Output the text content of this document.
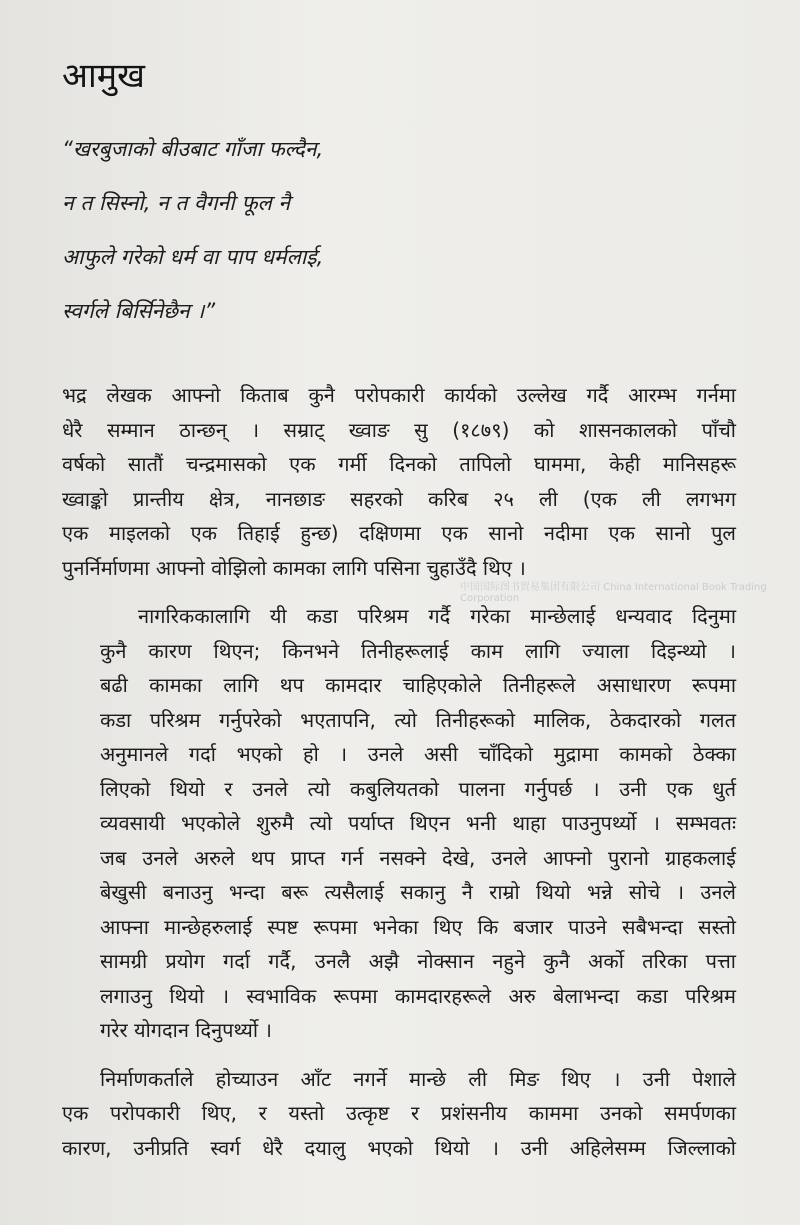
आमुख
“खरबुजाको बीउबाट गाँजा फल्दैन,
न त सिस्नो, न त वैगनी फूल नै
आफुले गरेको धर्म वा पाप धर्मलाई,
स्वर्गले बिर्सिनेछैन ।”
भद्र लेखक आफ्नो किताब कुनै परोपकारी कार्यको उल्लेख गर्दै आरम्भ गर्नमा
धेरै सम्मान ठान्छन् । सम्राट् ख्वाङ सु (१८७९) को शासनकालको पाँचौ
वर्षको सातौं चन्द्रमासको एक गर्मी दिनको तापिलो घाममा, केही मानिसहरू
ख्वाङ्को प्रान्तीय क्षेत्र, नानछाङ सहरको करिब २५ ली (एक ली लगभग
एक माइलको एक तिहाई हुन्छ) दक्षिणमा एक सानो नदीमा एक सानो पुल
पुनर्निर्माणमा आफ्नो वोझिलो कामका लागि पसिना चुहाउँदै थिए ।
नागरिककालागि यी कडा परिश्रम गर्दै गरेका मान्छेलाई धन्यवाद दिनुमा
कुनै कारण थिएन; किनभने तिनीहरूलाई काम लागि ज्याला दिइन्थ्यो ।
बढी कामका लागि थप कामदार चाहिएकोले तिनीहरूले असाधारण रूपमा
कडा परिश्रम गर्नुपरेको भएतापनि, त्यो तिनीहरूको मालिक, ठेकदारको गलत
अनुमानले गर्दा भएको हो । उनले असी चाँदिको मुद्रामा कामको ठेक्का
लिएको थियो र उनले त्यो कबुलियतको पालना गर्नुपर्छ । उनी एक धुर्त
व्यवसायी भएकोले शुरुमै त्यो पर्याप्त थिएन भनी थाहा पाउनुपर्थ्यो । सम्भवतः
जब उनले अरुले थप प्राप्त गर्न नसक्ने देखे, उनले आफ्नो पुरानो ग्राहकलाई
बेखुसी बनाउनु भन्दा बरू त्यसैलाई सकानु नै राम्रो थियो भन्ने सोचे । उनले
आफ्ना मान्छेहरुलाई स्पष्ट रूपमा भनेका थिए कि बजार पाउने सबैभन्दा सस्तो
सामग्री प्रयोग गर्दा गर्दै, उनलै अझै नोक्सान नहुने कुनै अर्को तरिका पत्ता
लगाउनु थियो । स्वभाविक रूपमा कामदारहरूले अरु बेलाभन्दा कडा परिश्रम
गरेर योगदान दिनुपर्थ्यो ।
निर्माणकर्ताले होच्याउन आँट नगर्ने मान्छे ली मिङ थिए । उनी पेशाले
एक परोपकारी थिए, र यस्तो उत्कृष्ट र प्रशंसनीय काममा उनको समर्पणका
कारण, उनीप्रति स्वर्ग धेरै दयालु भएको थियो । उनी अहिलेसम्म जिल्लाको
中国国际图书贸易集团有限公司 China International Book Trading Corporation
